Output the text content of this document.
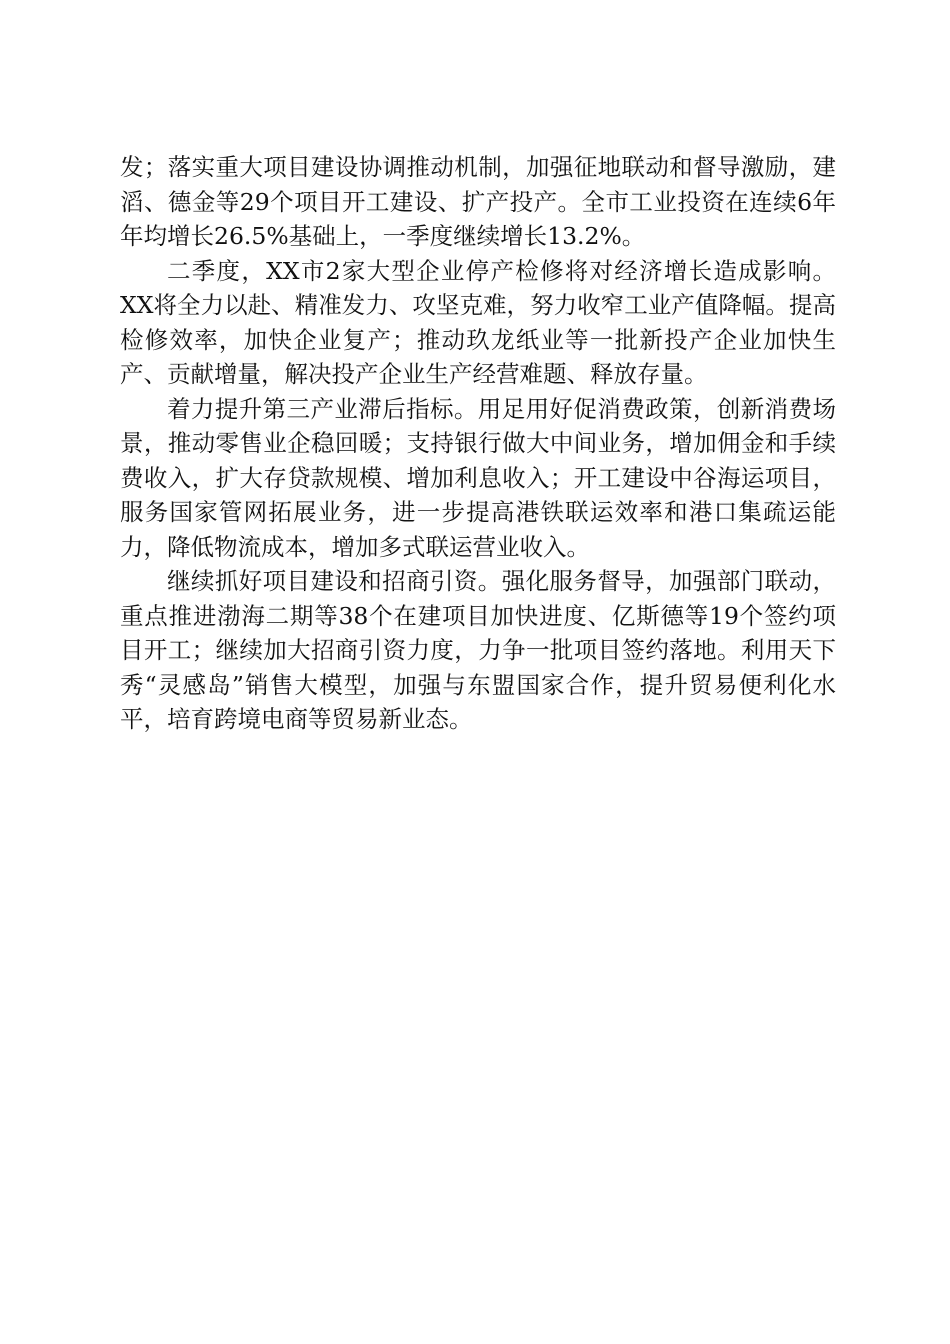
发；落实重大项目建设协调推动机制，加强征地联动和督导激励，建滔、德金等29个项目开工建设、扩产投产。全市工业投资在连续6年年均增长26.5%基础上，一季度继续增长13.2%。

二季度，XX市2家大型企业停产检修将对经济增长造成影响。XX将全力以赴、精准发力、攻坚克难，努力收窄工业产值降幅。提高检修效率，加快企业复产；推动玖龙纸业等一批新投产企业加快生产、贡献增量，解决投产企业生产经营难题、释放存量。

着力提升第三产业滞后指标。用足用好促消费政策，创新消费场景，推动零售业企稳回暖；支持银行做大中间业务，增加佣金和手续费收入，扩大存贷款规模、增加利息收入；开工建设中谷海运项目，服务国家管网拓展业务，进一步提高港铁联运效率和港口集疏运能力，降低物流成本，增加多式联运营业收入。

继续抓好项目建设和招商引资。强化服务督导，加强部门联动，重点推进渤海二期等38个在建项目加快进度、亿斯德等19个签约项目开工；继续加大招商引资力度，力争一批项目签约落地。利用天下秀“灵感岛”销售大模型，加强与东盟国家合作，提升贸易便利化水平，培育跨境电商等贸易新业态。
